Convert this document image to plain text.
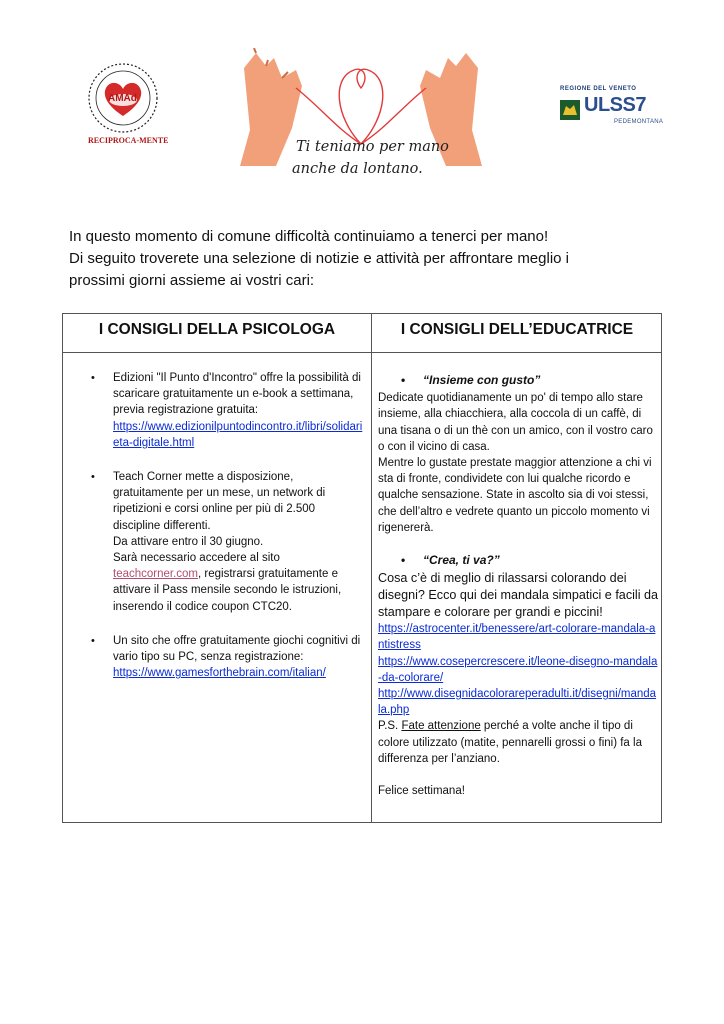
AMAd
RECIPROCA-MENTE	Ti teniamo per mano
anche da lontano.
REGIONE DEL VENETO
ULSS7
PEDEMONTANA

In questo momento di comune difficoltà continuiamo a tenerci per mano!

Di seguito troverete una selezione di notizie e attività per affrontare meglio i

prossimi giorni assieme ai vostri cari:

I CONSIGLI DELLA PSICOLOGA	I CONSIGLI DELL’EDUCATRICE
• Edizioni "Il Punto d'Incontro" offre la possibilità di scaricare gratuitamente un e-book a settimana, previa registrazione gratuita:
https://www.edizionilpuntodincontro.it/libri/solidarieta-digitale.html

• Teach Corner mette a disposizione, gratuitamente per un mese, un network di ripetizioni e corsi online per più di 2.500 discipline differenti.

Da attivare entro il 30 giugno.

Sarà necessario accedere al sito teachcorner.com, registrarsi gratuitamente e attivare il Pass mensile secondo le istruzioni, inserendo il codice coupon CTC20.

• Un sito che offre gratuitamente giochi cognitivi di vario tipo su PC, senza registrazione:
https://www.gamesforthebrain.com/italian/

• “Insieme con gusto”

Dedicate quotidianamente un po' di tempo allo stare insieme, alla chiacchiera, alla coccola di un caffè, di una tisana o di un thè con un amico, con il vostro caro o con il vicino di casa.

Mentre lo gustate prestate maggior attenzione a chi vi sta di fronte, condividete con lui qualche ricordo e qualche sensazione. State in ascolto sia di voi stessi, che dell’altro e vedrete quanto un piccolo momento vi rigenererà.

• “Crea, ti va?”

Cosa c’è di meglio di rilassarsi colorando dei disegni? Ecco qui dei mandala simpatici e facili da stampare e colorare per grandi e piccini!

https://astrocenter.it/benessere/art-colorare-mandala-antistress

https://www.cosepercrescere.it/leone-disegno-mandala-da-colorare/

http://www.disegnidacolorareperadulti.it/disegni/mandala.php

P.S. Fate attenzione perché a volte anche il tipo di colore utilizzato (matite, pennarelli grossi o fini) fa la differenza per l’anziano.

Felice settimana!
